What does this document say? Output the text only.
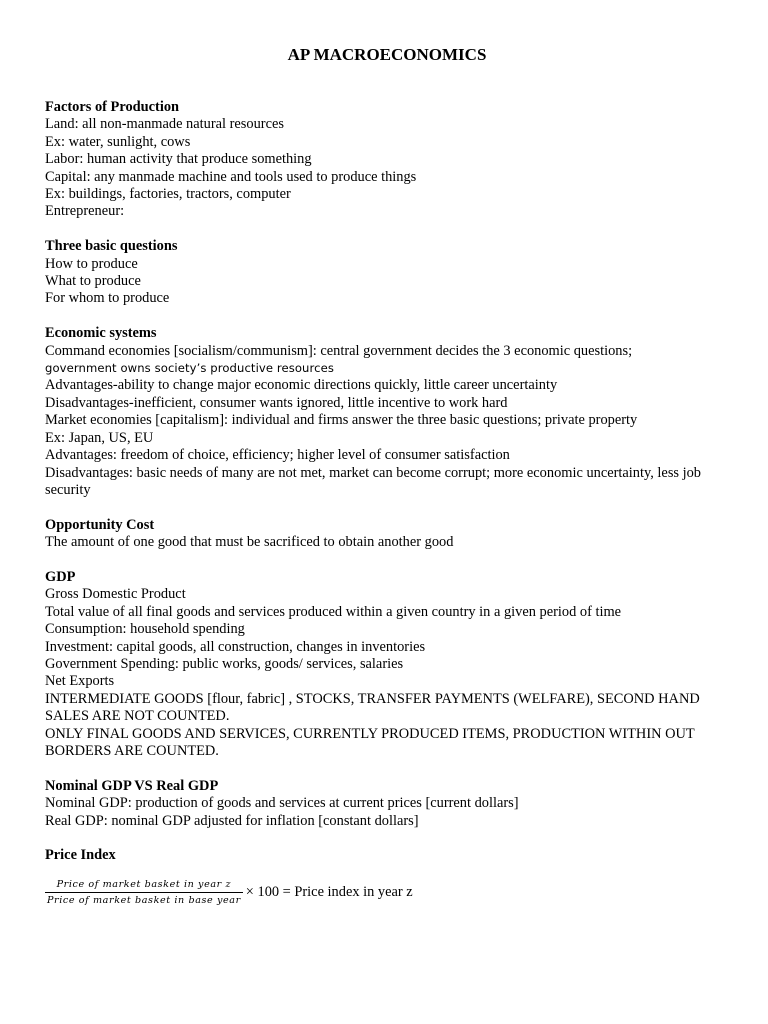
AP MACROECONOMICS
Factors of Production
Land: all non-manmade natural resources
Ex: water, sunlight, cows
Labor: human activity that produce something
Capital: any manmade machine and tools used to produce things
Ex: buildings, factories, tractors, computer
Entrepreneur:
Three basic questions
How to produce
What to produce
For whom to produce
Economic systems
Command economies [socialism/communism]: central government decides the 3 economic questions;
government owns society’s productive resources
Advantages-ability to change major economic directions quickly, little career uncertainty
Disadvantages-inefficient, consumer wants ignored, little incentive to work hard
Market economies [capitalism]: individual and firms answer the three basic questions; private property
Ex: Japan, US, EU
Advantages: freedom of choice, efficiency; higher level of consumer satisfaction
Disadvantages: basic needs of many are not met, market can become corrupt; more economic uncertainty, less job security
Opportunity Cost
The amount of one good that must be sacrificed to obtain another good
GDP
Gross Domestic Product
Total value of all final goods and services produced within a given country in a given period of time
Consumption: household spending
Investment: capital goods, all construction, changes in inventories
Government Spending: public works, goods/ services, salaries
Net Exports
INTERMEDIATE GOODS [flour, fabric] , STOCKS, TRANSFER PAYMENTS (WELFARE), SECOND HAND SALES ARE NOT COUNTED.
ONLY FINAL GOODS AND SERVICES, CURRENTLY PRODUCED ITEMS, PRODUCTION WITHIN OUT BORDERS ARE COUNTED.
Nominal GDP VS Real GDP
Nominal GDP: production of goods and services at current prices [current dollars]
Real GDP: nominal GDP adjusted for inflation [constant dollars]
Price Index
$\frac{\text{Price of market basket in year z}}{\text{Price of market basket in base year}} \times 100$ = Price index in year z
